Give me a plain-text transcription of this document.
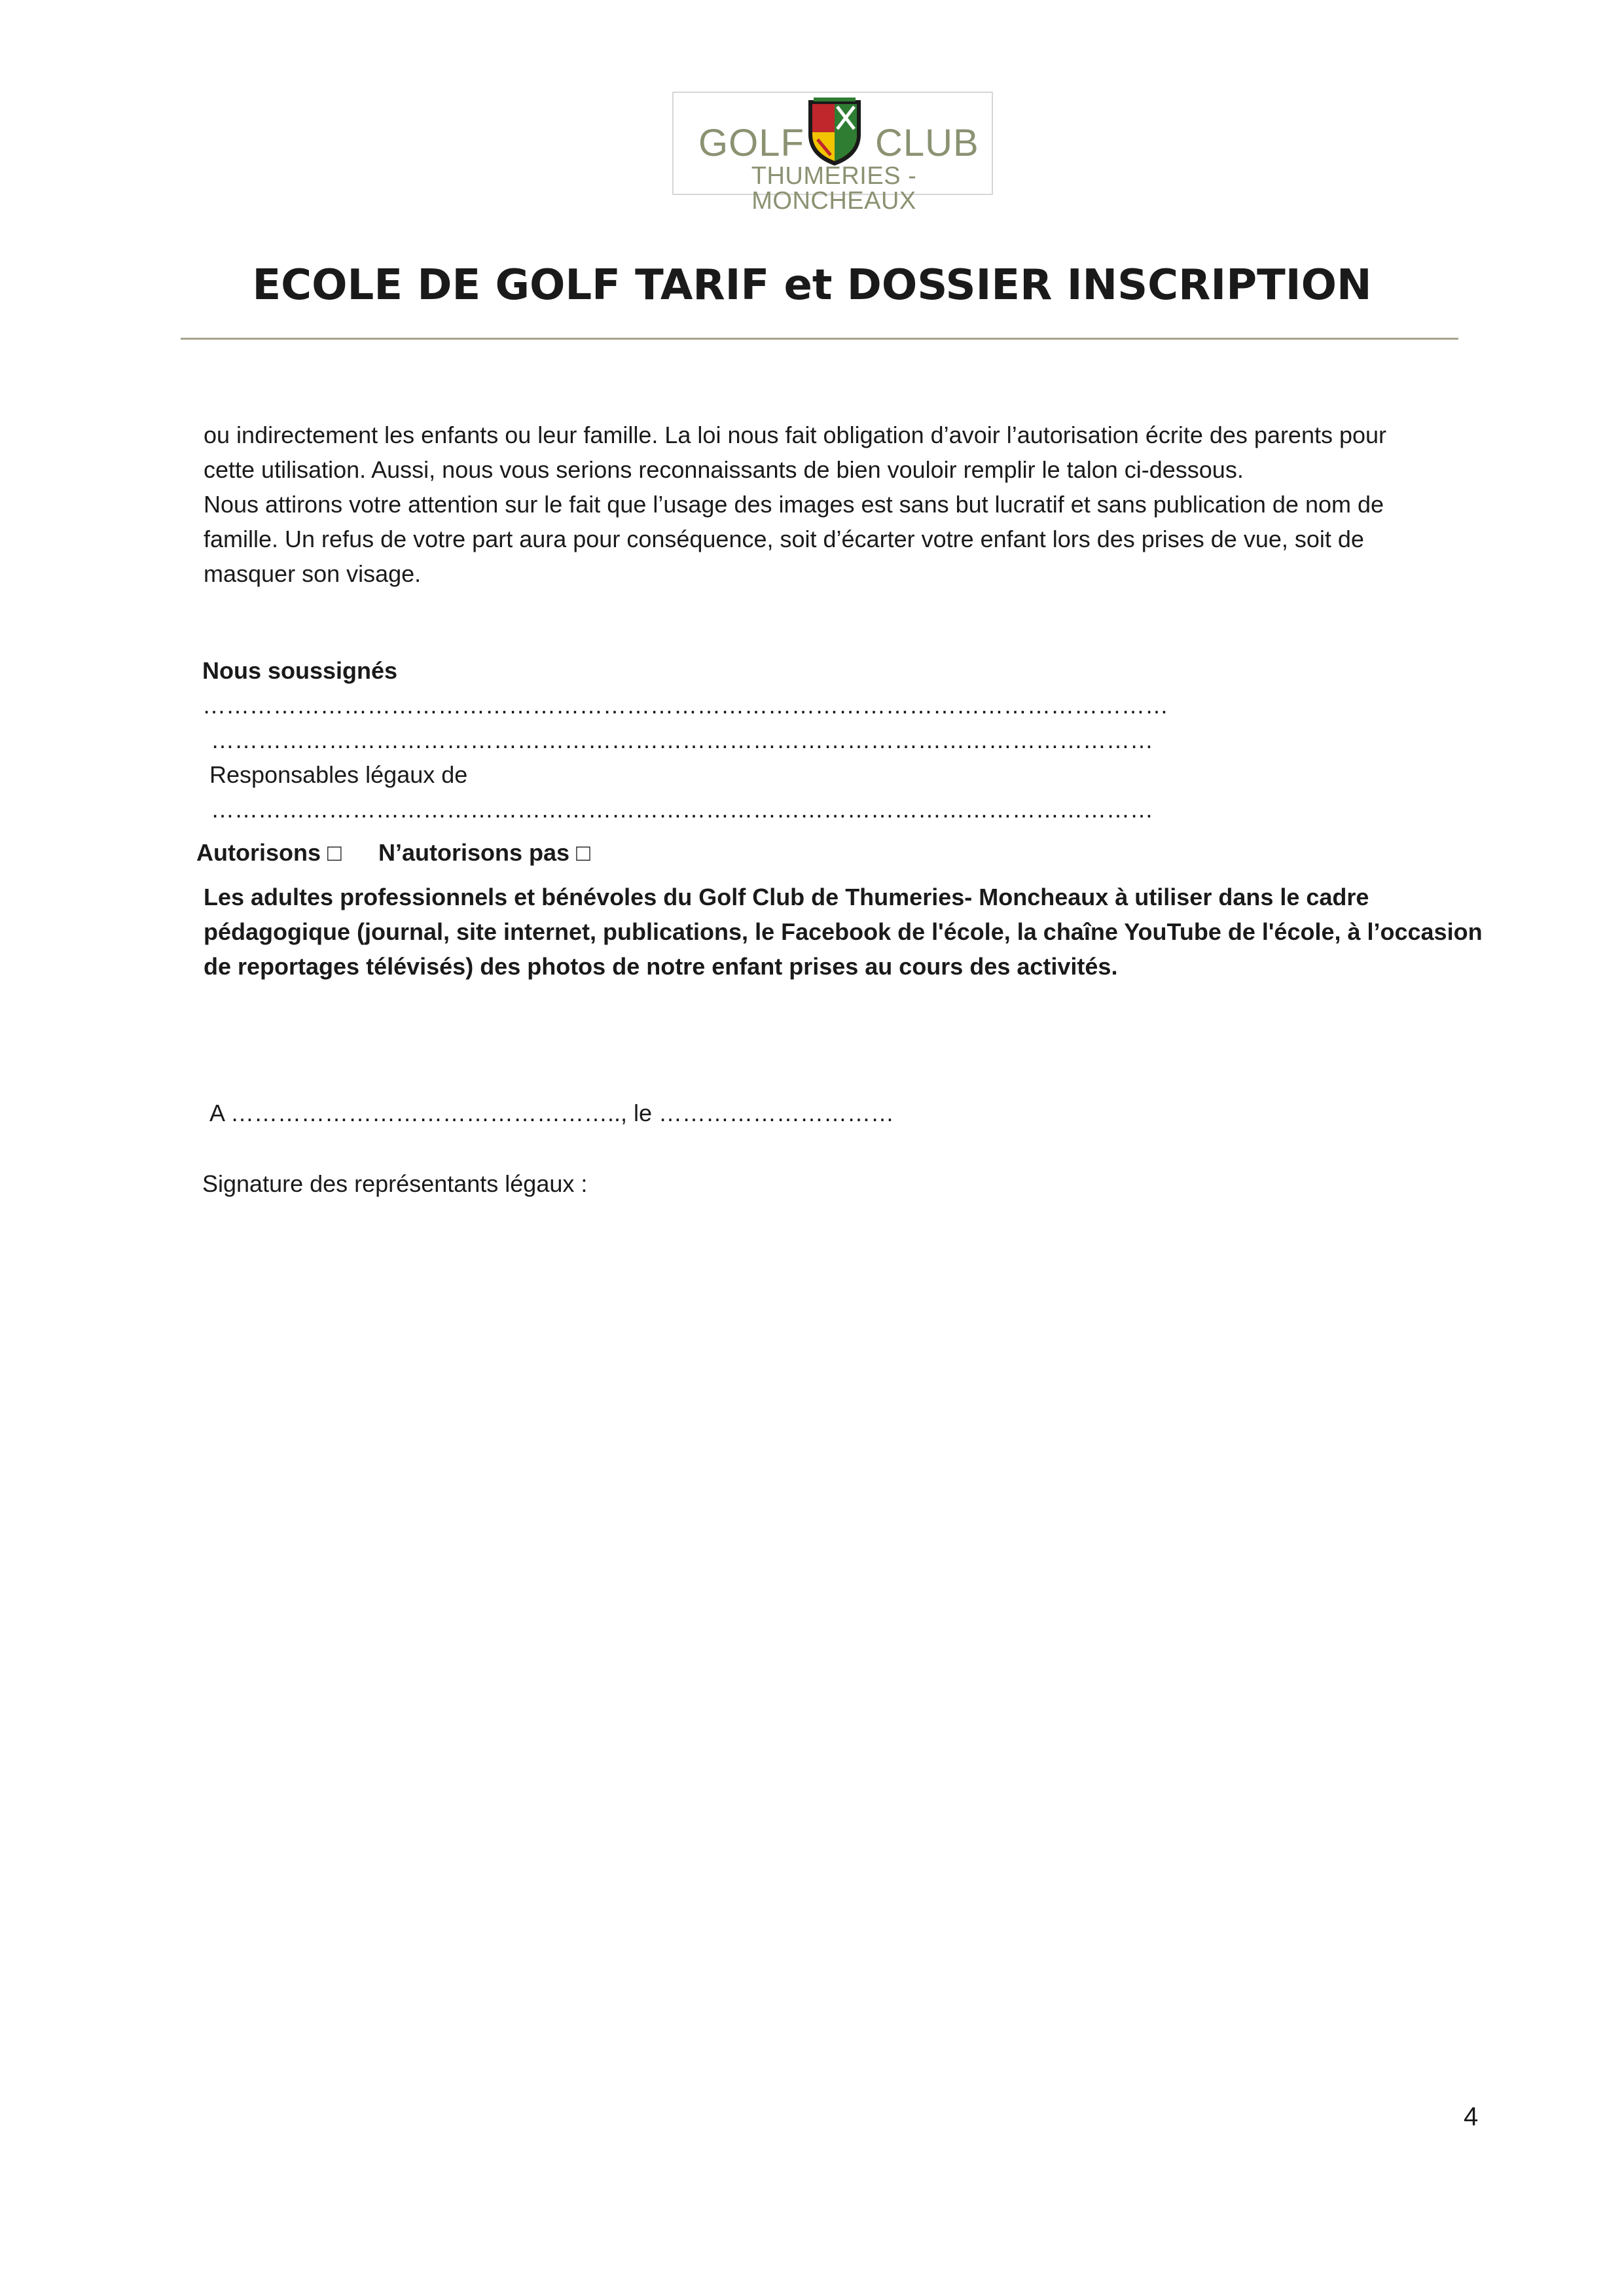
GOLF CLUB
THUMERIES - MONCHEAUX
ECOLE DE GOLF TARIF et DOSSIER INSCRIPTION
ou indirectement les enfants ou leur famille. La loi nous fait obligation d’avoir l’autorisation écrite des parents pour
cette utilisation. Aussi, nous vous serions reconnaissants de bien vouloir remplir le talon ci-dessous.
Nous attirons votre attention sur le fait que l’usage des images est sans but lucratif et sans publication de nom de
famille. Un refus de votre part aura pour conséquence, soit d’écarter votre enfant lors des prises de vue, soit de
masquer son visage.
Nous soussignés
……………………………………………………………………………………………………………
…………………………………………………………………………………………………………
Responsables légaux de
…………………………………………………………………………………………………………
Autorisons □ N’autorisons pas □
Les adultes professionnels et bénévoles du Golf Club de Thumeries- Moncheaux à utiliser dans le cadre
pédagogique (journal, site internet, publications, le Facebook de l'école, la chaîne YouTube de l'école, à l’occasion
de reportages télévisés) des photos de notre enfant prises au cours des activités.
A ………………………………………….., le …………………………
Signature des représentants légaux :
4
